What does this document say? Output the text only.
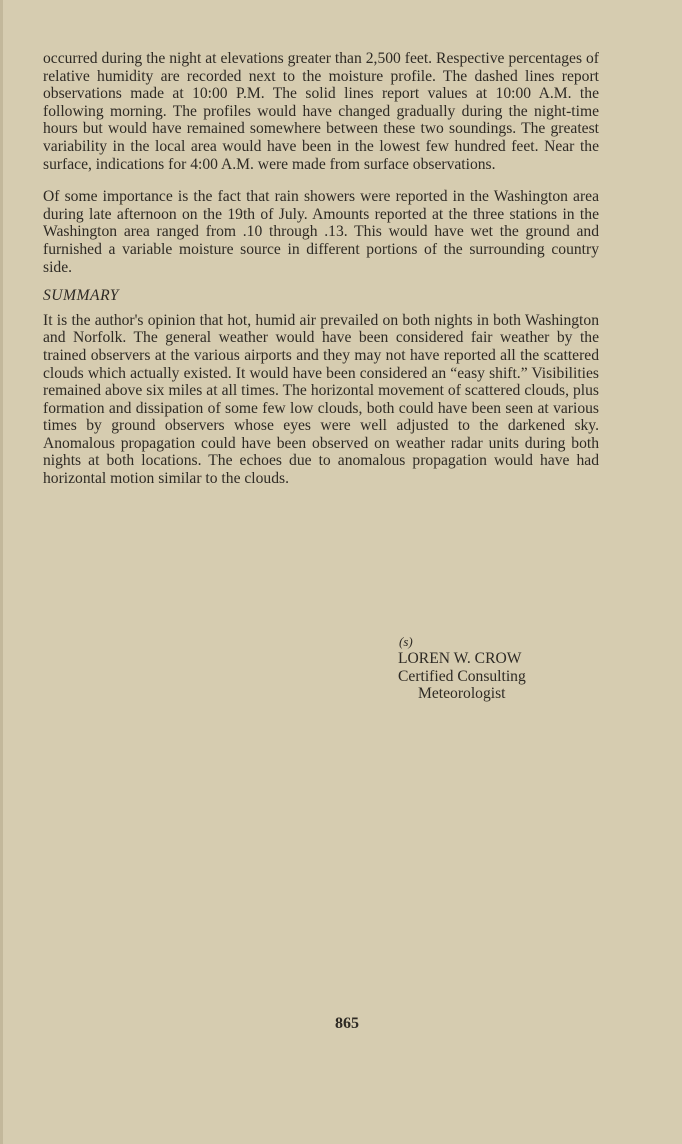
occurred during the night at elevations greater than 2,500 feet. Respective percentages of relative humidity are recorded next to the moisture profile. The dashed lines report observations made at 10:00 P.M. The solid lines report values at 10:00 A.M. the following morning. The profiles would have changed gradually during the night-time hours but would have remained somewhere between these two soundings. The greatest variability in the local area would have been in the lowest few hundred feet. Near the surface, indications for 4:00 A.M. were made from surface observations.

Of some importance is the fact that rain showers were reported in the Washington area during late afternoon on the 19th of July. Amounts reported at the three stations in the Washington area ranged from .10 through .13. This would have wet the ground and furnished a variable moisture source in different portions of the surrounding country side.

SUMMARY

It is the author's opinion that hot, humid air prevailed on both nights in both Washington and Norfolk. The general weather would have been considered fair weather by the trained observers at the various airports and they may not have reported all the scattered clouds which actually existed. It would have been considered an “easy shift.” Visibilities remained above six miles at all times. The horizontal movement of scattered clouds, plus formation and dissipation of some few low clouds, both could have been seen at various times by ground observers whose eyes were well adjusted to the darkened sky. Anomalous propagation could have been observed on weather radar units during both nights at both locations. The echoes due to anomalous propagation would have had horizontal motion similar to the clouds.

(s)
LOREN W. CROW
Certified Consulting
Meteorologist
865
